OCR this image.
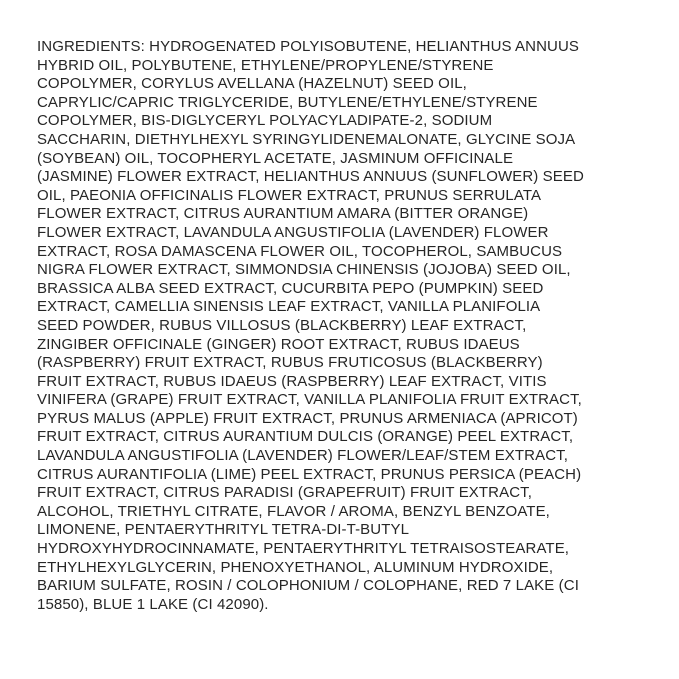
INGREDIENTS: HYDROGENATED POLYISOBUTENE, HELIANTHUS ANNUUS
HYBRID OIL, POLYBUTENE, ETHYLENE/PROPYLENE/STYRENE
COPOLYMER, CORYLUS AVELLANA (HAZELNUT) SEED OIL,
CAPRYLIC/CAPRIC TRIGLYCERIDE, BUTYLENE/ETHYLENE/STYRENE
COPOLYMER, BIS-DIGLYCERYL POLYACYLADIPATE-2, SODIUM
SACCHARIN, DIETHYLHEXYL SYRINGYLIDENEMALONATE, GLYCINE SOJA
(SOYBEAN) OIL, TOCOPHERYL ACETATE, JASMINUM OFFICINALE
(JASMINE) FLOWER EXTRACT, HELIANTHUS ANNUUS (SUNFLOWER) SEED
OIL, PAEONIA OFFICINALIS FLOWER EXTRACT, PRUNUS SERRULATA
FLOWER EXTRACT, CITRUS AURANTIUM AMARA (BITTER ORANGE)
FLOWER EXTRACT, LAVANDULA ANGUSTIFOLIA (LAVENDER) FLOWER
EXTRACT, ROSA DAMASCENA FLOWER OIL, TOCOPHEROL, SAMBUCUS
NIGRA FLOWER EXTRACT, SIMMONDSIA CHINENSIS (JOJOBA) SEED OIL,
BRASSICA ALBA SEED EXTRACT, CUCURBITA PEPO (PUMPKIN) SEED
EXTRACT, CAMELLIA SINENSIS LEAF EXTRACT, VANILLA PLANIFOLIA
SEED POWDER, RUBUS VILLOSUS (BLACKBERRY) LEAF EXTRACT,
ZINGIBER OFFICINALE (GINGER) ROOT EXTRACT, RUBUS IDAEUS
(RASPBERRY) FRUIT EXTRACT, RUBUS FRUTICOSUS (BLACKBERRY)
FRUIT EXTRACT, RUBUS IDAEUS (RASPBERRY) LEAF EXTRACT, VITIS
VINIFERA (GRAPE) FRUIT EXTRACT, VANILLA PLANIFOLIA FRUIT EXTRACT,
PYRUS MALUS (APPLE) FRUIT EXTRACT, PRUNUS ARMENIACA (APRICOT)
FRUIT EXTRACT, CITRUS AURANTIUM DULCIS (ORANGE) PEEL EXTRACT,
LAVANDULA ANGUSTIFOLIA (LAVENDER) FLOWER/LEAF/STEM EXTRACT,
CITRUS AURANTIFOLIA (LIME) PEEL EXTRACT, PRUNUS PERSICA (PEACH)
FRUIT EXTRACT, CITRUS PARADISI (GRAPEFRUIT) FRUIT EXTRACT,
ALCOHOL, TRIETHYL CITRATE, FLAVOR / AROMA, BENZYL BENZOATE,
LIMONENE, PENTAERYTHRITYL TETRA-DI-T-BUTYL
HYDROXYHYDROCINNAMATE, PENTAERYTHRITYL TETRAISOSTEARATE,
ETHYLHEXYLGLYCERIN, PHENOXYETHANOL, ALUMINUM HYDROXIDE,
BARIUM SULFATE, ROSIN / COLOPHONIUM / COLOPHANE, RED 7 LAKE (CI
15850), BLUE 1 LAKE (CI 42090).
